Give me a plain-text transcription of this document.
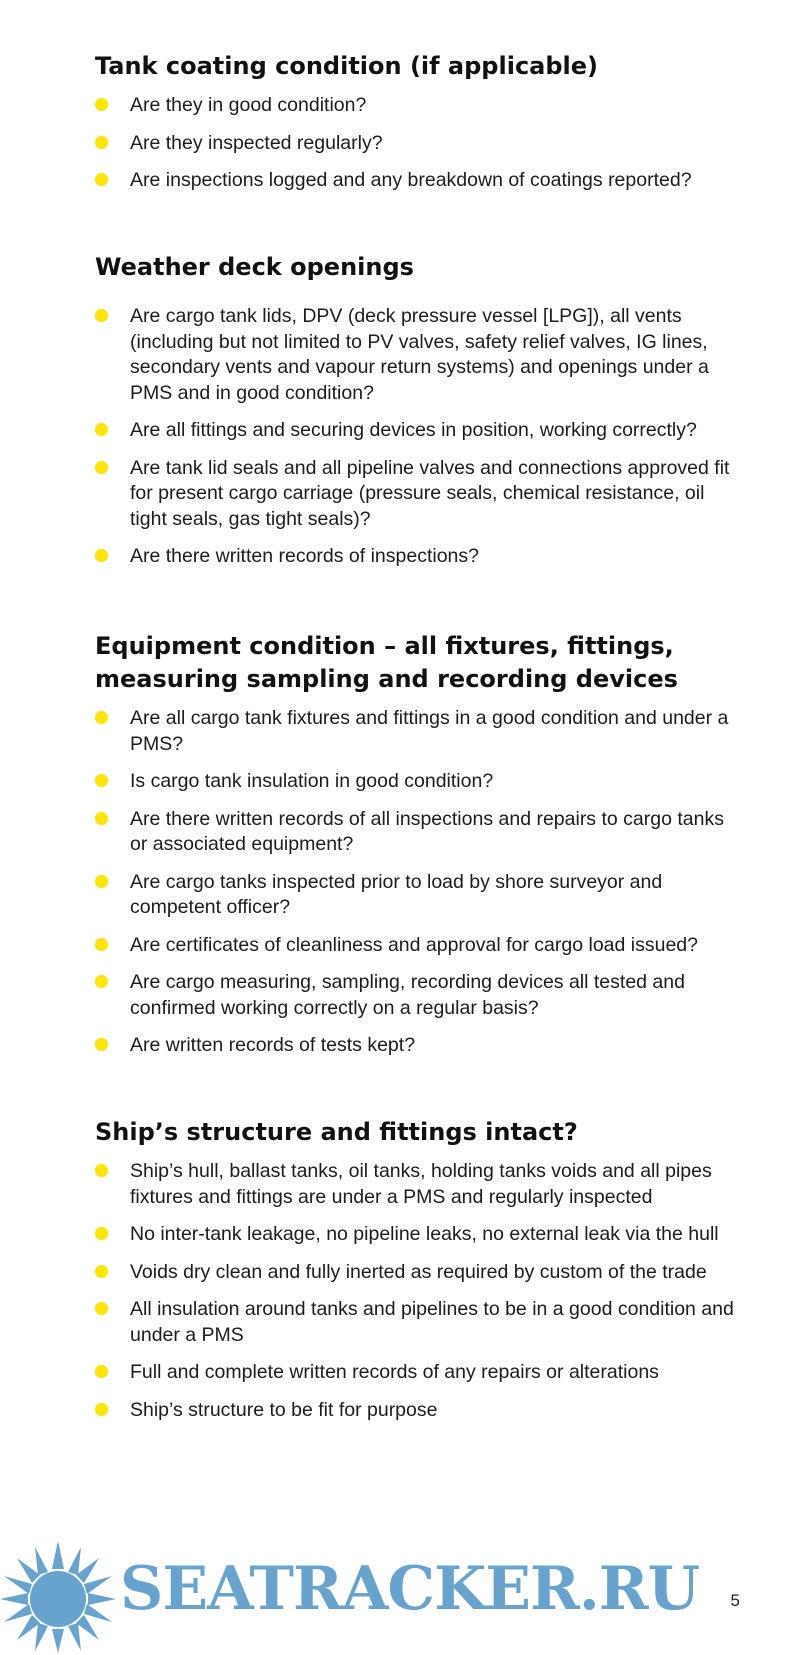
Tank coating condition (if applicable)
Are they in good condition?
Are they inspected regularly?
Are inspections logged and any breakdown of coatings reported?
Weather deck openings
Are cargo tank lids, DPV (deck pressure vessel [LPG]), all vents (including but not limited to PV valves, safety relief valves, IG lines, secondary vents and vapour return systems) and openings under a PMS and in good condition?
Are all fittings and securing devices in position, working correctly?
Are tank lid seals and all pipeline valves and connections approved fit for present cargo carriage (pressure seals, chemical resistance, oil tight seals, gas tight seals)?
Are there written records of inspections?
Equipment condition – all fixtures, fittings, measuring sampling and recording devices
Are all cargo tank fixtures and fittings in a good condition and under a PMS?
Is cargo tank insulation in good condition?
Are there written records of all inspections and repairs to cargo tanks or associated equipment?
Are cargo tanks inspected prior to load by shore surveyor and competent officer?
Are certificates of cleanliness and approval for cargo load issued?
Are cargo measuring, sampling, recording devices all tested and confirmed working correctly on a regular basis?
Are written records of tests kept?
Ship’s structure and fittings intact?
Ship’s hull, ballast tanks, oil tanks, holding tanks voids and all pipes fixtures and fittings are under a PMS and regularly inspected
No inter-tank leakage, no pipeline leaks, no external leak via the hull
Voids dry clean and fully inerted as required by custom of the trade
All insulation around tanks and pipelines to be in a good condition and under a PMS
Full and complete written records of any repairs or alterations
Ship’s structure to be fit for purpose
SEATRACKER.RU 5
